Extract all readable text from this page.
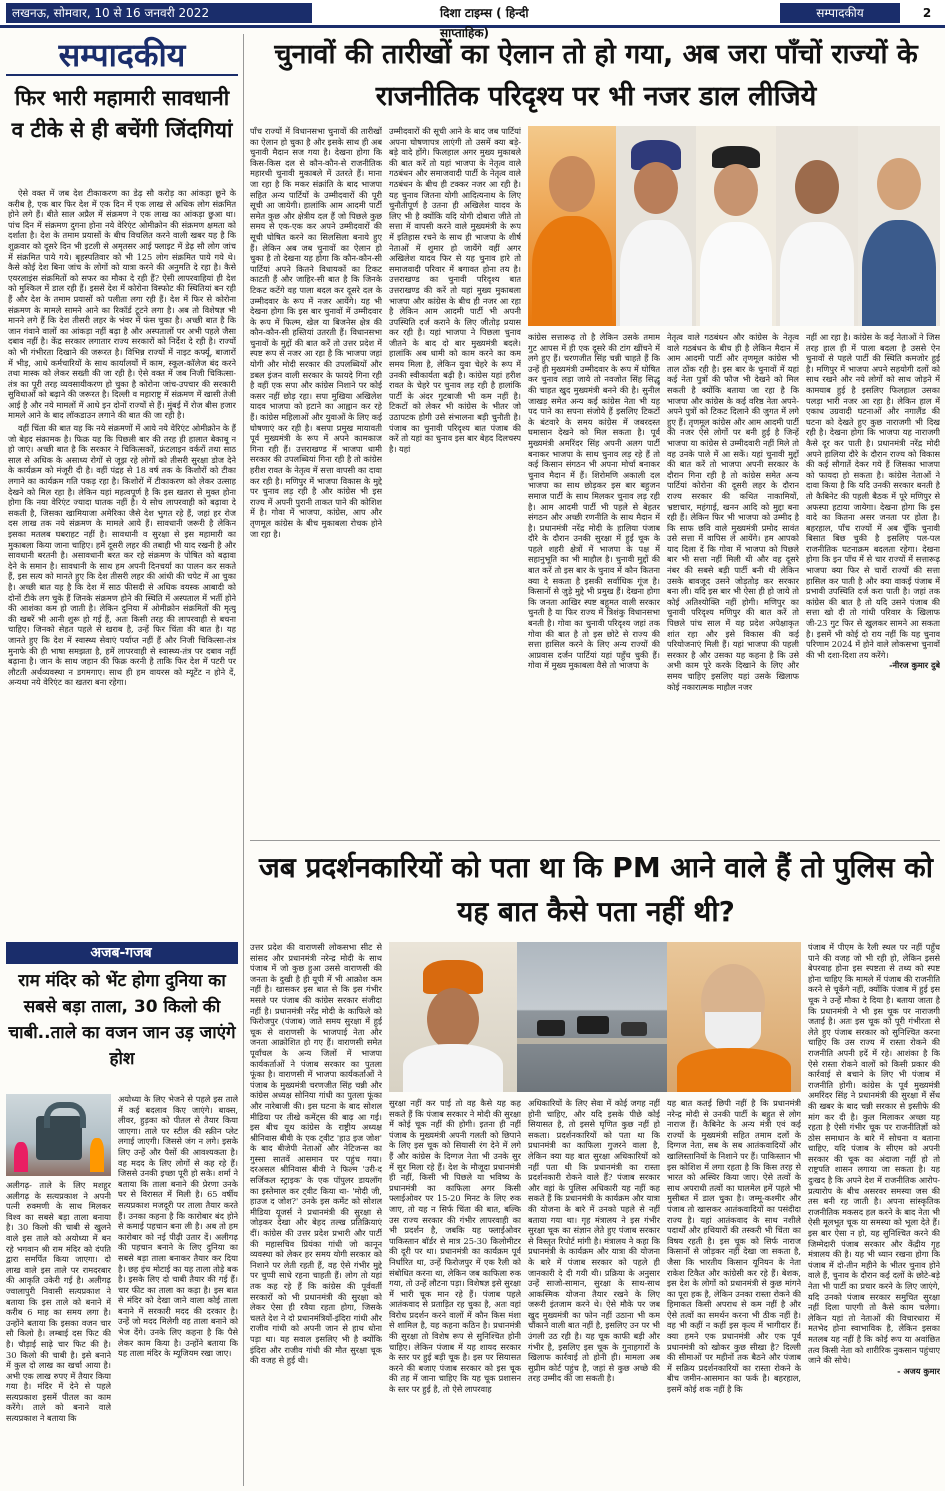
लखनऊ, सोमवार, 10 से 16 जनवरी 2022	दिशा टाइम्स ( हिन्दी साप्ताहिक)
सम्पादकीय	2
सम्पादकीय
फिर भारी महामारी सावधानी व टीके से ही बचेंगी जिंदगियां

ऐसे वक्त में जब देश टीकाकरण का डेढ़ सौ करोड़ का आंकड़ा छूने के करीब है, एक बार फिर देश में एक दिन में एक लाख से अधिक लोग संक्रमित होने लगे हैं। बीते साल अप्रैल में संक्रमण ने एक लाख का आंकड़ा छुआ था। पांच दिन में संक्रमण दुगना होना नये वेरिएंट ओमीक्रोन की संक्रमण क्षमता को दर्शाता है। देश के तमाम प्रयासों के बीच विचलित करने वाली खबर यह है कि शुक्रवार को दूसरे दिन भी इटली से अमृतसर आई फ्लाइट में डेढ़ सौ लोग जांच में संक्रमित पाये गये। बृहस्पतिवार को भी 125 लोग संक्रमित पाये गये थे। कैसे कोई देश बिना जांच के लोगों को यात्रा करने की अनुमति दे रहा है। कैसे एयरलाइंस संक्रमितों को सफर का मौका दे रही हैं? ऐसी लापरवाहियां ही देश को मुश्किल में डाल रही हैं। इससे देश में कोरोना विस्फोट की स्थितियां बन रही हैं और देश के तमाम प्रयासों को पलीता लगा रही हैं। देश में फिर से कोरोना संक्रमण के मामले सामने आने का रिकॉर्ड टूटने लगा है। अब तो विशेषज्ञ भी मानने लगे हैं कि देश तीसरी लहर के भंवर में फंस चुका है। अच्छी बात है कि जान गंवाने वालों का आंकड़ा नहीं बढ़ा है और अस्पतालों पर अभी पहले जैसा दबाव नहीं है। केंद्र सरकार लगातार राज्य सरकारों को निर्देश दे रही है। राज्यों को भी गंभीरता दिखाने की जरूरत है। विभिन्न राज्यों में नाइट कर्फ्यू, बाजारों में भीड़, आधे कर्मचारियों के साथ कार्यालयों में काम, स्कूल-कॉलेज बंद करने तथा मास्क को लेकर सख्ती की जा रही है। ऐसे वक्त में जब निजी चिकित्सा-तंत्र का पूरी तरह व्यवसायीकरण हो चुका है कोरोना जांच-उपचार की सरकारी सुविधाओं को बढ़ाने की जरूरत है। दिल्ली व महाराष्ट्र में संक्रमण में खासी तेजी आई है और नये मामलों में आधे इन दोनों राज्यों से हैं। मुंबई में रोज बीस हजार मामले आने के बाद लॉकडाउन लगाने की बात की जा रही है।

वहीं चिंता की बात यह कि नये संक्रमणों में आये नये वेरिएंट ओमीक्रोन के हैं जो बेहद संक्रामक है। फिक्र यह कि पिछली बार की तरह ही हालात बेकाबू न हो जाएं। अच्छी बात है कि सरकार ने चिकित्सकों, फ्रंटलाइन वर्करों तथा साठ साल से अधिक के असाध्य रोगों से जूझ रहे लोगों को तीसरी सुरक्षा डोज देने के कार्यक्रम को मंजूरी दी है। वहीं पंद्रह से 18 वर्ष तक के किशोरों को टीका लगाने का कार्यक्रम गति पकड़ रहा है। किशोरों में टीकाकरण को लेकर उत्साह देखने को मिल रहा है। लेकिन यहां महत्वपूर्ण है कि इस खतरा से मुक्त होना होगा कि नया वेरिएंट ज्यादा घातक नहीं है। ये सोच लापरवाही को बढ़ावा दे सकती है, जिसका खामियाजा अमेरिका जैसे देश भुगत रहे हैं, जहां हर रोज दस लाख तक नये संक्रमण के मामले आये हैं। सावधानी जरूरी है लेकिन इसका मतलब घबराहट नहीं है। सावधानी व सुरक्षा से इस महामारी का मुकाबला किया जाना चाहिए। हमें दूसरी लहर की तबाही भी याद रखनी है और सावधानी बरतनी है। असावधानी बरत कर रहे संक्रमण के पोषित को बढ़ावा देने के समान है। सावधानी के साथ हम अपनी दिनचर्या का पालन कर सकते हैं, इस सत्य को मानते हुए कि देश तीसरी लहर की आंधी की चपेट में आ चुका है। अच्छी बात यह है कि देश में साठ फीसदी से अधिक वयस्क आबादी को दोनों टीके लग चुके हैं जिनके संक्रमण होने की स्थिति में अस्पताल में भर्ती होने की आशंका कम हो जाती है। लेकिन दुनिया में ओमीक्रोन संक्रमितों की मृत्यु की खबरें भी आनी शुरू हो गई हैं, अतः किसी तरह की लापरवाही से बचना चाहिए। जिनको सेहत पहले से खराब है, उन्हें फिर चिंता की बात है। यह जानते हुए कि देश में स्वास्थ्य सेवाएं पर्याप्त नहीं हैं और निजी चिकित्सा-तंत्र मुनाफे की ही भाषा समझता है, हमें लापरवाही से स्वास्थ्य-तंत्र पर दबाव नहीं बढ़ाना है। जान के साथ जहान की फिक्र करनी है ताकि फिर देश में पटरी पर लौटती अर्थव्यवस्था न डगमगाए। साथ ही हम वायरस को म्यूटेंट न होने दें, अन्यथा नये वेरिएंट का खतरा बना रहेगा।

अजब-गजब
राम मंदिर को भेंट होगा दुनिया का सबसे बड़ा ताला, 30 किलो की चाबी..ताले का वजन जान उड़ जाएंगे होश
अलीगढ़- ताले के लिए मशहूर अलीगढ़ के सत्यप्रकाश ने अपनी पत्नी रुक्मणी के साथ मिलकर विश्व का सबसे बड़ा ताला बनाया है। 30 किलो की चाबी से खुलने वाले इस ताले को अयोध्या में बन रहे भगवान श्री राम मंदिर को दंपति द्वारा समर्पित किया जाएगा। दो लाख वाले इस ताले पर रामदरबार की आकृति उकेरी गई है। अलीगढ़ ज्वालापुरी निवासी सत्यप्रकाश ने बताया कि इस ताले को बनाने में करीब 6 माह का समय लगा है। उन्होंने बताया कि इसका वजन चार सौ किलो है। लम्बाई दस फिट की है। चौड़ाई साढ़े चार फिट की है। 30 किलो की चाबी है। इसे बनाने में कुल दो लाख का खर्चा आया है। अभी एक लाख रुपए में तैयार किया गया है। मंदिर में देने से पहले सत्यप्रकाश इसमें पीतल का काम करेंगे। ताले को बनाने वाले सत्यप्रकाश ने बताया कि
अयोध्या के लिए भेजने से पहले इस ताले में कई बदलाव किए जाएंगे। बाक्स, लीवर, हुड़का को पीतल से तैयार किया जाएगा। ताले पर स्टील की स्क्रीन प्लेट लगाई जाएगी। जिससे जंग न लगे। इसके लिए उन्हें और पैसों की आवश्यकता है। वह मदद के लिए लोगों से कह रहे हैं। जिससे उनकी इच्छा पूरी हो सके। शर्मा ने बताया कि ताला बनाने की प्रेरणा उनके घर से विरासत में मिली है। 65 वर्षीय सत्यप्रकाश मजदूरी पर ताला तैयार करते हैं। उनका कहना है कि कारोबार बंद होने से कमाई पहचान बना ली है। अब तो हम कारोबार को नई पीढ़ी उतार दें। अलीगढ़ की पहचान बनाने के लिए दुनिया का सबसे बड़ा ताला बनाकर तैयार कर दिया है। छह इंच मोटाई का यह ताला तोड़े बक है। इसके लिए दो चाबी तैयार की गई हैं। चार फीट का ताला का कड़ा है। इस बात से मंदिर को देखा जाने वाला कोई ताला बनाने में सरकारी मदद की दरकार है। उन्हें जो मदद मिलेगी वह ताला बनाने को भेज देंगे। उनके लिए कहना है कि पैसे लेकर काम किया है। उन्होंने बताया कि यह ताला मंदिर के म्यूजियम रखा जाए।
चुनावों की तारीखों का ऐलान तो हो गया, अब जरा पाँचों राज्यों के राजनीतिक परिदृश्य पर भी नजर डाल लीजिये
पाँच राज्यों में विधानसभा चुनावों की तारीखों का ऐलान हो चुका है और इसके साथ ही अब चुनावी मैदान सज गया है। देखना होगा कि किस-किस दल से कौन-कौन-से राजनीतिक महारथी चुनावी मुकाबले में उतरते हैं। माना जा रहा है कि मकर संक्रांति के बाद भाजपा सहित अन्य पार्टियों के उम्मीदवारों की पूरी सूची आ जायेगी। हालांकि आम आदमी पार्टी समेत कुछ और क्षेत्रीय दल हैं जो पिछले कुछ समय से एक-एक कर अपने उम्मीदवारों की सूची घोषित करने का सिलसिला बनाये हुए हैं। लेकिन अब जब चुनावों का ऐलान हो चुका है तो देखना यह होगा कि कौन-कौन-सी पार्टियां अपने कितने विधायकों का टिकट काटती हैं और जाहिर-सी बात है कि जिनके टिकट कटेंगे वह पाला बदल कर दूसरे दल के उम्मीदवार के रूप में नजर आयेंगे। यह भी देखना होगा कि इस बार चुनावों में उम्मीदवार के रूप में फिल्म, खेल या बिजनेस क्षेत्र की कौन-कौन-सी हस्तियां उतरती हैं। विधानसभा चुनावों के मुद्दों की बात करें तो उत्तर प्रदेश में स्पष्ट रूप से नजर आ रहा है कि भाजपा जहां योगी और मोदी सरकार की उपलब्धियों और डबल इंजन वाली सरकार के फायदे गिना रही है वहीं एक सपा और कांग्रेस निशाने पर कोई कसर नहीं छोड़ रहा। सपा मुखिया अखिलेश यादव भाजपा को हटाने का आह्वान कर रहे हैं। कांग्रेस महिलाओं और युवाओं के लिए कई घोषणाएं कर रही है। बसपा प्रमुख मायावती पूर्व मुख्यमंत्री के रूप में अपने कामकाज गिना रही हैं। उत्तराखण्ड में भाजपा धामी सरकार की उपलब्धियां गिना रही है तो कांग्रेस हरीश रावत के नेतृत्व में सत्ता वापसी का दावा कर रही है। मणिपुर में भाजपा विकास के मुद्दे पर चुनाव लड़ रही है और कांग्रेस भी इस राज्य में अपनी पुरानी ताकत पाने की कोशिश में है। गोवा में भाजपा, कांग्रेस, आप और तृणमूल कांग्रेस के बीच मुकाबला रोचक होने जा रहा है।
उम्मीदवारों की सूची आने के बाद जब पार्टियां अपना घोषणापत्र लाएंगी तो उसमें क्या बड़े-बड़े वादे होंगे। फिलहाल अगर मुख्य मुकाबले की बात करें तो यहां भाजपा के नेतृत्व वाले गठबंधन और समाजवादी पार्टी के नेतृत्व वाले गठबंधन के बीच ही टक्कर नजर आ रही है। यह चुनाव जितना योगी आदित्यनाथ के लिए चुनौतीपूर्ण है उतना ही अखिलेश यादव के लिए भी है क्योंकि यदि योगी दोबारा जीते तो सत्ता में वापसी करने वाले मुख्यमंत्री के रूप में इतिहास रचने के साथ ही भाजपा के शीर्ष नेताओं में शुमार हो जायेंगे वहीं अगर अखिलेश यादव फिर से यह चुनाव हारे तो समाजवादी परिवार में बगावत होना तय है। उत्तराखण्ड का चुनावी परिदृश्य बात उत्तराखण्ड की करें तो यहां मुख्य मुकाबला भाजपा और कांग्रेस के बीच ही नजर आ रहा है लेकिन आम आदमी पार्टी भी अपनी उपस्थिति दर्ज कराने के लिए जीतोड़ प्रयास कर रही है। यहां भाजपा ने पिछला चुनाव जीतने के बाद दो बार मुख्यमंत्री बदले। हालांकि अब धामी को काम करने का कम समय मिला है, लेकिन युवा चेहरे के रूप में उनकी स्वीकार्यता बढ़ी है। कांग्रेस यहां हरीश रावत के चेहरे पर चुनाव लड़ रही है हालांकि पार्टी के अंदर गुटबाजी भी कम नहीं है। टिकटों को लेकर भी कांग्रेस के भीतर जो उठापटक होगी उसे संभालना बड़ी चुनौती है। पंजाब का चुनावी परिदृश्य बात पंजाब की करें तो यहां का चुनाव इस बार बेहद दिलचस्प है। यहां
कांग्रेस सत्तारूढ़ तो है लेकिन उसके तमाम गुट आपस में ही एक दूसरे की टांग खींचने में लगे हुए हैं। चरणजीत सिंह चन्नी चाहते हैं कि उन्हें ही मुख्यमंत्री उम्मीदवार के रूप में घोषित कर चुनाव लड़ा जाये तो नवजोत सिंह सिद्धू की चाहत खुद मुख्यमंत्री बनने की है। सुनील जाखड़ समेत अन्य कई कांग्रेस नेता भी यह पद पाने का सपना संजोये हैं इसलिए टिकटों के बंटवारे के समय कांग्रेस में जबरदस्त घमासान देखने को मिल सकता है। पूर्व मुख्यमंत्री अमरिंदर सिंह अपनी अलग पार्टी बनाकर भाजपा के साथ चुनाव लड़ रहे हैं तो कई किसान संगठन भी अपना मोर्चा बनाकर चुनाव मैदान में हैं। शिरोमणि अकाली दल भाजपा का साथ छोड़कर इस बार बहुजन समाज पार्टी के साथ मिलकर चुनाव लड़ रही है। आम आदमी पार्टी भी पहले से बेहतर संगठन और अच्छी रणनीति के साथ मैदान में है। प्रधानमंत्री नरेंद्र मोदी के हालिया पंजाब दौरे के दौरान उनकी सुरक्षा में हुई चूक के पहले शहरी क्षेत्रों में भाजपा के पक्ष में सहानुभूति का भी माहौल है। चुनावी मुद्दों की बात करें तो इस बार के चुनाव में कौन कितना क्या दे सकता है इसकी सर्वाधिक गूंज है। किसानों से जुड़े मुद्दे भी प्रमुख हैं। देखना होगा कि जनता आखिर स्पष्ट बहुमत वाली सरकार चुनती है या फिर राज्य में त्रिशंकु विधानसभा बनती है। गोवा का चुनावी परिदृश्य जहां तक गोवा की बात है तो इस छोटे से राज्य की सत्ता हासिल करने के लिए अन्य राज्यों की आप्रवास दर्जन पार्टियां यहां पहुँच चुकी हैं। गोवा में मुख्य मुकाबला वैसे तो भाजपा के
नेतृत्व वाले गठबंधन और कांग्रेस के नेतृत्व वाले गठबंधन के बीच ही है लेकिन मैदान में आम आदमी पार्टी और तृणमूल कांग्रेस भी ताल ठोंक रही है। इस बार के चुनावों में यहां कई नेता पुत्रों की फौज भी देखने को मिल सकती है क्योंकि बताया जा रहा है कि भाजपा और कांग्रेस के कई वरिष्ठ नेता अपने-अपने पुत्रों को टिकट दिलाने की जुगत में लगे हुए हैं। तृणमूल कांग्रेस और आम आदमी पार्टी की नजर ऐसे लोगों पर बनी हुई है जिन्हें भाजपा या कांग्रेस से उम्मीदवारी नहीं मिले तो वह उनके पाले में आ सकें। यहां चुनावी मुद्दों की बात करें तो भाजपा अपनी सरकार के दौरान गिना रही है तो कांग्रेस समेत अन्य पार्टियां कोरोना की दूसरी लहर के दौरान राज्य सरकार की कथित नाकामियों, भ्रष्टाचार, महंगाई, खनन आदि को मुद्दा बना रही हैं। लेकिन फिर भी भाजपा को उम्मीद है कि साफ छवि वाले मुख्यमंत्री प्रमोद सावंत उसे सत्ता में वापिस ले आयेंगे। हम आपको याद दिला दें कि गोवा में भाजपा को पिछले बार भी सत्ता नहीं मिली थी और वह दूसरे नंबर की सबसे बड़ी पार्टी बनी थी लेकिन उसके बावजूद उसने जोड़तोड़ कर सरकार बना ली। यदि इस बार भी ऐसा ही हो जाये तो कोई अतिश्योक्ति नहीं होगी। मणिपुर का चुनावी परिदृश्य मणिपुर की बात करें तो पिछले पांच साल में यह प्रदेश अपेक्षाकृत शांत रहा और इसे विकास की कई परियोजनाएं मिली हैं। यहां भाजपा की पहली सरकार है और उसका यह कहना है कि उसे अभी काम पूरे करके दिखाने के लिए और समय चाहिए इसलिए यहां उसके खिलाफ कोई नकारात्मक माहौल नजर
नहीं आ रहा है। कांग्रेस के कई नेताओं ने जिस तरह हाल ही में पाला बदला है उससे ऐन चुनावों से पहले पार्टी की स्थिति कमजोर हुई है। मणिपुर में भाजपा अपने सहयोगी दलों को साथ रखने और नये लोगों को साथ जोड़ने में कामयाब हुई है इसलिए फिलहाल उसका पलड़ा भारी नजर आ रहा है। लेकिन हाल में एकाध उग्रवादी घटनाओं और नगालैंड की घटना को देखते हुए कुछ नाराजगी भी दिख रही है। देखना होगा कि भाजपा यह नाराजगी कैसे दूर कर पाती है। प्रधानमंत्री नरेंद्र मोदी अपने हालिया दौरे के दौरान राज्य को विकास की कई सौगातें देकर गये हैं जिसका भाजपा को फायदा हो सकता है। कांग्रेस नेताओं ने दावा किया है कि यदि उनकी सरकार बनती है तो कैबिनेट की पहली बैठक में पूरे मणिपुर से अफस्पा हटाया जायेगा। देखना होगा कि इस वादे का कितना असर जनता पर होता है। बहरहाल, पाँच राज्यों में अब चूँकि चुनावी बिसात बिछ चुकी है इसलिए पल-पल राजनीतिक घटनाक्रम बदलता रहेगा। देखना होगा कि इन पाँच में से चार राज्यों में सत्तारूढ़ भाजपा क्या फिर से चारों राज्यों की सत्ता हासिल कर पाती है और क्या वाकई पंजाब में प्रभावी उपस्थिति दर्ज करा पाती है। जहां तक कांग्रेस की बात है तो यदि उसने पंजाब की सत्ता खो दी तो गांधी परिवार के खिलाफ जी-23 गुट फिर से खुलकर सामने आ सकता है। इसमें भी कोई दो राय नहीं कि यह चुनाव परिणाम 2024 में होने वाले लोकसभा चुनावों की भी दशा-दिशा तय करेंगे।
-नीरज कुमार दुबे
जब प्रदर्शनकारियों को पता था कि PM आने वाले हैं तो पुलिस को यह बात कैसे पता नहीं थी?
उत्तर प्रदेश की वाराणसी लोकसभा सीट से सांसद और प्रधानमंत्री नरेन्द्र मोदी के साथ पंजाब में जो कुछ हुआ उससे वाराणसी की जनता के दुखी है ही यूपी में भी आक्रोश कम नहीं है। खासकर इस बात से कि इस गंभीर मसले पर पंजाब की कांग्रेस सरकार संजीदा नहीं है। प्रधानमंत्री नरेंद्र मोदी के काफिले को फिरोजपुर (पंजाब) जाते समय सुरक्षा में हुई चूक से वाराणसी के भाजपाई नेता और जनता आक्रोशित हो गए हैं। वाराणसी समेत पूर्वांचल के अन्य जिलों में भाजपा कार्यकर्ताओं ने पंजाब सरकार का पुतला फूंका है। वाराणसी में भाजपा कार्यकर्ताओं ने पंजाब के मुख्यमंत्री चरणजीत सिंह चन्नी और कांग्रेस अध्यक्ष सोनिया गांधी का पुतला फूंका और नारेबाजी की। इस घटना के बाद सोशल मीडिया पर तीखे कमेंट्स की बाढ़ आ गई। इस बीच यूथ कांग्रेस के राष्ट्रीय अध्यक्ष श्रीनिवास बीवी के एक ट्वीट 'हाउ इज जोश' के बाद बीजेपी नेताओं और नेटिजन्स का गुस्सा सातवें आसमान पर पहुंच गया। दरअसल श्रीनिवास बीवी ने फिल्म 'उरी-द सर्जिकल स्ट्राइक' के एक पॉपुलर डायलॉग का इस्तेमाल कर ट्वीट किया था- 'मोदी जी, हाउज द जोश?' उनके इस कमेंट को सोशल मीडिया यूजर्स ने प्रधानमंत्री की सुरक्षा से जोड़कर देखा और बेहद तल्ख प्रतिक्रियाएं दीं। कांग्रेस की उत्तर प्रदेश प्रभारी और पार्टी की महासचिव प्रियंका गांधी जो कानून व्यवस्था को लेकर हर समय योगी सरकार को निशाने पर लेती रहती हैं, वह ऐसे गंभीर मुद्दे पर चुप्पी साधे रहना चाहती हैं। लोग तो यहां तक कह रहे हैं कि कांग्रेस की पूर्ववर्ती सरकारों को भी प्रधानमंत्री की सुरक्षा को लेकर ऐसा ही रवैया रहता होगा, जिसके चलते देश ने दो प्रधानमंत्रियों-इंदिरा गांधी और राजीव गांधी को अपनी जान से हाथ धोना पड़ा था। यह सवाल इसलिए भी है क्योंकि इंदिरा और राजीव गांधी की मौत सुरक्षा चूक की वजह से हुई थी।
सुरक्षा नहीं कर पाई तो वह कैसे यह कह सकते हैं कि पंजाब सरकार ने मोदी की सुरक्षा में कोई चूक नहीं की होगी। इतना ही नहीं पंजाब के मुख्यमंत्री अपनी गलती को छिपाने के लिए इस चूक को सियासी रंग देने में लगे हैं और कांग्रेस के दिग्गज नेता भी उनके सुर में सुर मिला रहे हैं। देश के मौजूदा प्रधानमंत्री ही नहीं, किसी भी पिछले या भविष्य के प्रधानमंत्री का काफिला अगर किसी फ्लाईओवर पर 15-20 मिनट के लिए रुक जाए, तो यह न सिर्फ चिंता की बात, बल्कि उस राज्य सरकार की गंभीर लापरवाही का भी प्रदर्शन है, जबकि यह फ्लाईओवर पाकिस्तान बॉर्डर से मात्र 25-30 किलोमीटर की दूरी पर था। प्रधानमंत्री का कार्यक्रम पूर्व निर्धारित था, उन्हें फिरोजपुर में एक रैली को संबोधित करना था, लेकिन जब काफिला रुक गया, तो उन्हें लौटना पड़ा। विशेषज्ञ इसे सुरक्षा में भारी चूक मान रहे हैं। पंजाब पहले आतंकवाद से प्रताड़ित रह चुका है, अतः वहां विरोध प्रदर्शन करने वालों में कौन किस मंशा से शामिल है, यह कहना कठिन है। प्रधानमंत्री की सुरक्षा तो विशेष रूप से सुनिश्चित होनी चाहिए। लेकिन पंजाब में यह शायद सरकार के स्तर पर हुई बड़ी चूक है। इस पर सियासत करने की बजाए पंजाब सरकार को इस चूक की तह में जाना चाहिए कि यह चूक प्रशासन के स्तर पर हुई है, तो ऐसे लापरवाह
अधिकारियों के लिए सेवा में कोई जगह नहीं होनी चाहिए, और यदि इसके पीछे कोई सियासत है, तो इससे घृणित कुछ नहीं हो सकता। प्रदर्शनकारियों को पता था कि प्रधानमंत्री का काफिला गुजरने वाला है, लेकिन क्या यह बात सुरक्षा अधिकारियों को नहीं पता थी कि प्रधानमंत्री का रास्ता प्रदर्शनकारी रोकने वाले हैं? पंजाब सरकार और वहां के पुलिस अधिकारी यह नहीं कह सकते हैं कि प्रधानमंत्री के कार्यक्रम और यात्रा की योजना के बारे में उनको पहले से नहीं बताया गया था। गृह मंत्रालय ने इस गंभीर सुरक्षा चूक का संज्ञान लेते हुए पंजाब सरकार से विस्तृत रिपोर्ट मांगी है। मंत्रालय ने कहा कि प्रधानमंत्री के कार्यक्रम और यात्रा की योजना के बारे में पंजाब सरकार को पहले ही जानकारी दे दी गयी थी। प्रक्रिया के अनुसार उन्हें साजो-सामान, सुरक्षा के साथ-साथ आकस्मिक योजना तैयार रखने के लिए जरूरी इंतजाम करने थे। ऐसे मौके पर जब खुद मुख्यमंत्री का फोन नहीं उठाना भी कम चौंकाने वाली बात नहीं है, इसलिए उन पर भी उंगली उठ रही है। यह चूक काफी बड़ी और गंभीर है, इसलिए इस चूक के गुनाहगारों के खिलाफ कार्रवाई तो होनी ही। मामला अब सुप्रीम कोर्ट पहुंच है, जहां से कुछ अच्छे की तरह उम्मीद की जा सकती है।
यह बात कतई छिपी नहीं है कि प्रधानमंत्री नरेन्द्र मोदी से उनकी पार्टी के बहुत से लोग नाराज हैं। कैबिनेट के अन्य मंत्री एवं कई राज्यों के मुख्यमंत्री सहित तमाम दलों के दिग्गज नेता, सब के सब आतंकवादियों और खालिस्तानियों के निशाने पर हैं। पाकिस्तान भी इस कोशिश में लगा रहता है कि किस तरह से भारत को अस्थिर किया जाए। ऐसे तत्वों के साथ अपराधी तत्वों का घालमेल हमें पहले भी मुसीबत में डाल चुका है। जम्मू-कश्मीर और पंजाब तो खासकर आतंकवादियों का पसंदीदा राज्य है। यहां आतंकवाद के साथ नशीले पदार्थों और हथियारों की तस्करी भी चिंता का विषय रहती है। इस चूक को सिर्फ नाराज किसानों से जोड़कर नहीं देखा जा सकता है, जैसा कि भारतीय किसान यूनियन के नेता राकेश टिकैत और कांग्रेसी कर रहे हैं। बेशक, इस देश के लोगों को प्रधानमंत्री से कुछ मांगने का पूरा हक है, लेकिन उनका रास्ता रोकने की हिमाकत किसी अपराध से कम नहीं है और ऐसे तत्वों का समर्थन करना भी ठीक नहीं है। वह भी कहीं न कहीं इस कृत्य में भागीदार हैं। क्या हमने एक प्रधानमंत्री और एक पूर्व प्रधानमंत्री को खोकर कुछ सीखा है? दिल्ली की सीमाओं पर महीनों तक बैठने और पंजाब में सक्रिय प्रदर्शनकारियों का रास्ता रोकने के बीच जमीन-आसमान का फर्क है। बहरहाल, इसमें कोई शक नहीं है कि
पंजाब में पीएम के रैली स्थल पर नहीं पहुँच पाने की वजह जो भी रही हो, लेकिन इससे बेपरवाह होना इस स्पष्टता से तथ्य को स्पष्ट होना चाहिए कि मामले में पंजाब की राजनीति करने से चूकेंगे नहीं, क्योंकि पंजाब में हुई इस चूक ने उन्हें मौका दे दिया है। बताया जाता है कि प्रधानमंत्री ने भी इस चूक पर नाराजगी जताई है। अतः इस चूक को पूरी गंभीरता से लेते हुए पंजाब सरकार को सुनिश्चित करना चाहिए कि उस राज्य में रास्ता रोकने की राजनीति अपनी हदें में रहे। आशंका है कि ऐसे रास्ता रोकने वालों को किसी प्रकार की कार्रवाई से बचाने के लिए भी पंजाब में राजनीति होगी। कांग्रेस के पूर्व मुख्यमंत्री अमरिंदर सिंह ने प्रधानमंत्री की सुरक्षा में सेंध की खबर के बाद चन्नी सरकार से इस्तीफे की मांग कर दी है। कुल मिलाकर अच्छा यह रहता है ऐसी गंभीर चूक पर राजनीतिज्ञों को ठोस समाधान के बारे में सोचना व बताना चाहिए, यदि पंजाब के सीएम को अपनी सरकार की चूक का अंदाजा नहीं हो तो राष्ट्रपति शासन लगाया जा सकता है। यह दुःखद है कि अपने देश में राजनीतिक आरोप-प्रत्यारोप के बीच असरवर समस्या जस की तस बनी रह जाती है। अपना सांस्कृतिक राजनीतिक मकसद हल करने के बाद नेता भी ऐसी मूलभूत चूक या समस्या को भूला देते हैं। इस बार ऐसा न हो, यह सुनिश्चित करने की जिम्मेदारी पंजाब सरकार और केंद्रीय गृह मंत्रालय की है। यह भी ध्यान रखना होगा कि पंजाब में दो-तीन महीने के भीतर चुनाव होने वाले हैं, चुनाव के दौरान कई दलों के छोटे-बड़े नेता भी पार्टी का प्रचार करने के लिए जाएंगे, यदि उनको पंजाब सरकार समुचित सुरक्षा नहीं दिला पाएगी तो कैसे काम चलेगा। लेकिन यहां तो नेताओं की विचारधारा में मतभेद होना स्वाभाविक है, लेकिन इसका मतलब यह नहीं है कि कोई रूप या अवांछित तत्व किसी नेता को शारीरिक नुकसान पहुंचाए जाने की सोचे।
- अजय कुमार
